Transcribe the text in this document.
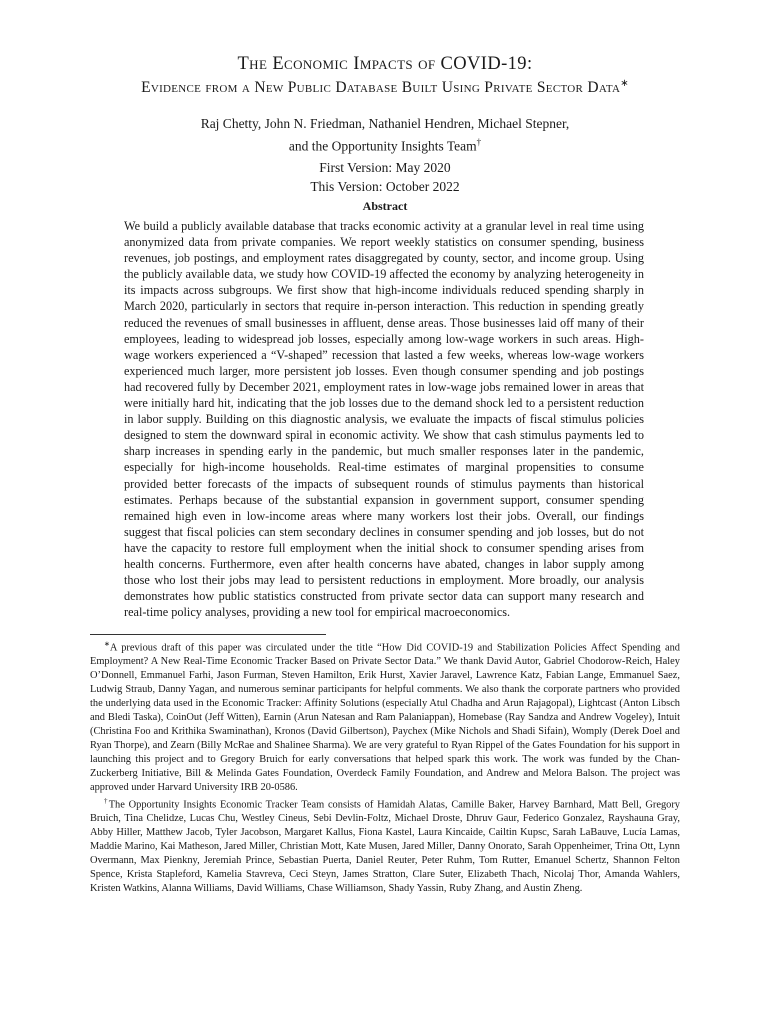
The Economic Impacts of COVID-19:
Evidence from a New Public Database Built Using Private Sector Data∗
Raj Chetty, John N. Friedman, Nathaniel Hendren, Michael Stepner,
and the Opportunity Insights Team†
First Version: May 2020
This Version: October 2022
Abstract

We build a publicly available database that tracks economic activity at a granular level in real time using anonymized data from private companies. We report weekly statistics on consumer spending, business revenues, job postings, and employment rates disaggregated by county, sector, and income group. Using the publicly available data, we study how COVID-19 affected the economy by analyzing heterogeneity in its impacts across subgroups. We first show that high-income individuals reduced spending sharply in March 2020, particularly in sectors that require in-person interaction. This reduction in spending greatly reduced the revenues of small businesses in affluent, dense areas. Those businesses laid off many of their employees, leading to widespread job losses, especially among low-wage workers in such areas. High-wage workers experienced a “V-shaped” recession that lasted a few weeks, whereas low-wage workers experienced much larger, more persistent job losses. Even though consumer spending and job postings had recovered fully by December 2021, employment rates in low-wage jobs remained lower in areas that were initially hard hit, indicating that the job losses due to the demand shock led to a persistent reduction in labor supply. Building on this diagnostic analysis, we evaluate the impacts of fiscal stimulus policies designed to stem the downward spiral in economic activity. We show that cash stimulus payments led to sharp increases in spending early in the pandemic, but much smaller responses later in the pandemic, especially for high-income households. Real-time estimates of marginal propensities to consume provided better forecasts of the impacts of subsequent rounds of stimulus payments than historical estimates. Perhaps because of the substantial expansion in government support, consumer spending remained high even in low-income areas where many workers lost their jobs. Overall, our findings suggest that fiscal policies can stem secondary declines in consumer spending and job losses, but do not have the capacity to restore full employment when the initial shock to consumer spending arises from health concerns. Furthermore, even after health concerns have abated, changes in labor supply among those who lost their jobs may lead to persistent reductions in employment. More broadly, our analysis demonstrates how public statistics constructed from private sector data can support many research and real-time policy analyses, providing a new tool for empirical macroeconomics.

∗A previous draft of this paper was circulated under the title “How Did COVID-19 and Stabilization Policies Affect Spending and Employment? A New Real-Time Economic Tracker Based on Private Sector Data.” We thank David Autor, Gabriel Chodorow-Reich, Haley O’Donnell, Emmanuel Farhi, Jason Furman, Steven Hamilton, Erik Hurst, Xavier Jaravel, Lawrence Katz, Fabian Lange, Emmanuel Saez, Ludwig Straub, Danny Yagan, and numerous seminar participants for helpful comments. We also thank the corporate partners who provided the underlying data used in the Economic Tracker: Affinity Solutions (especially Atul Chadha and Arun Rajagopal), Lightcast (Anton Libsch and Bledi Taska), CoinOut (Jeff Witten), Earnin (Arun Natesan and Ram Palaniappan), Homebase (Ray Sandza and Andrew Vogeley), Intuit (Christina Foo and Krithika Swaminathan), Kronos (David Gilbertson), Paychex (Mike Nichols and Shadi Sifain), Womply (Derek Doel and Ryan Thorpe), and Zearn (Billy McRae and Shalinee Sharma). We are very grateful to Ryan Rippel of the Gates Foundation for his support in launching this project and to Gregory Bruich for early conversations that helped spark this work. The work was funded by the Chan-Zuckerberg Initiative, Bill & Melinda Gates Foundation, Overdeck Family Foundation, and Andrew and Melora Balson. The project was approved under Harvard University IRB 20-0586.

†The Opportunity Insights Economic Tracker Team consists of Hamidah Alatas, Camille Baker, Harvey Barnhard, Matt Bell, Gregory Bruich, Tina Chelidze, Lucas Chu, Westley Cineus, Sebi Devlin-Foltz, Michael Droste, Dhruv Gaur, Federico Gonzalez, Rayshauna Gray, Abby Hiller, Matthew Jacob, Tyler Jacobson, Margaret Kallus, Fiona Kastel, Laura Kincaide, Cailtin Kupsc, Sarah LaBauve, Lucía Lamas, Maddie Marino, Kai Matheson, Jared Miller, Christian Mott, Kate Musen, Jared Miller, Danny Onorato, Sarah Oppenheimer, Trina Ott, Lynn Overmann, Max Pienkny, Jeremiah Prince, Sebastian Puerta, Daniel Reuter, Peter Ruhm, Tom Rutter, Emanuel Schertz, Shannon Felton Spence, Krista Stapleford, Kamelia Stavreva, Ceci Steyn, James Stratton, Clare Suter, Elizabeth Thach, Nicolaj Thor, Amanda Wahlers, Kristen Watkins, Alanna Williams, David Williams, Chase Williamson, Shady Yassin, Ruby Zhang, and Austin Zheng.
